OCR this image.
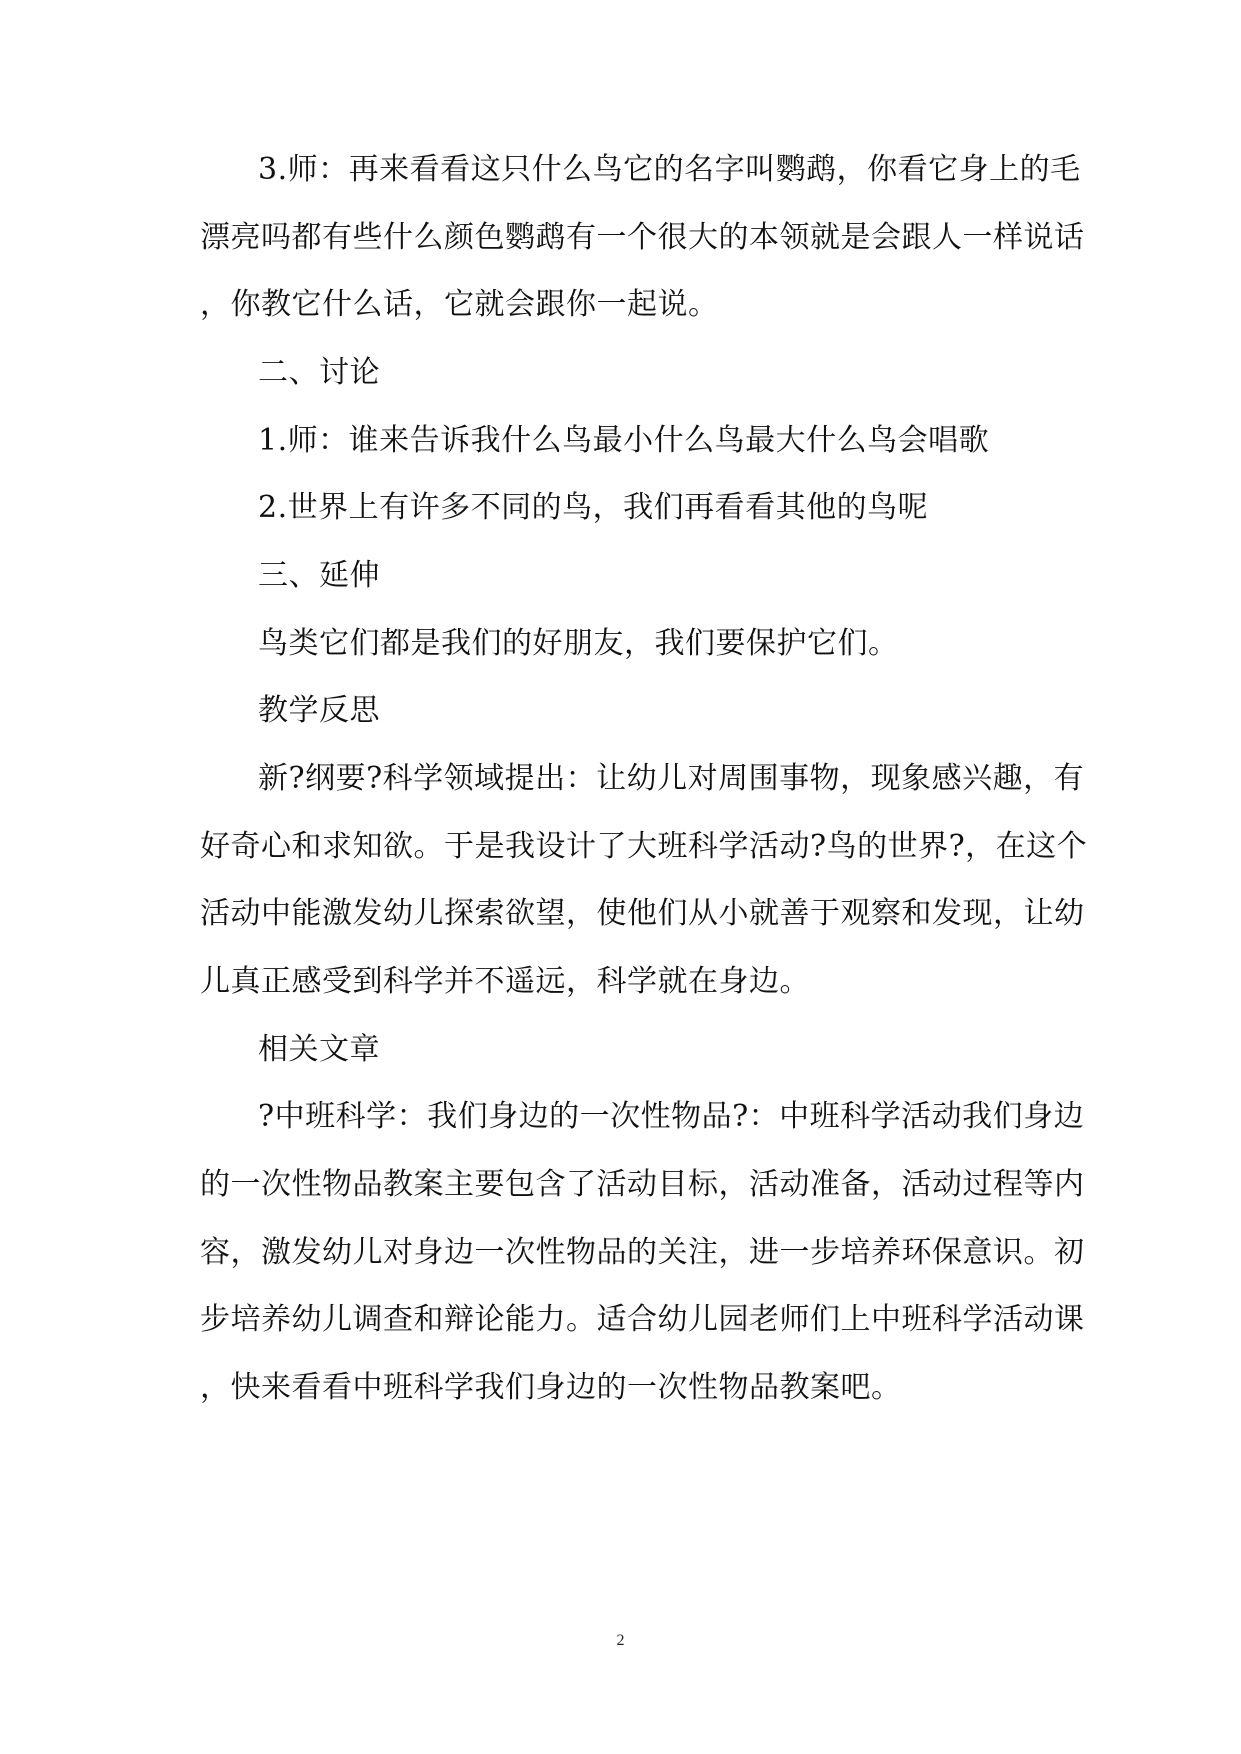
3.师：再来看看这只什么鸟它的名字叫鹦鹉，你看它身上的毛
漂亮吗都有些什么颜色鹦鹉有一个很大的本领就是会跟人一样说话
，你教它什么话，它就会跟你一起说。
二、讨论
1.师：谁来告诉我什么鸟最小什么鸟最大什么鸟会唱歌
2.世界上有许多不同的鸟，我们再看看其他的鸟呢
三、延伸
鸟类它们都是我们的好朋友，我们要保护它们。
教学反思
新?纲要?科学领域提出：让幼儿对周围事物，现象感兴趣，有
好奇心和求知欲。于是我设计了大班科学活动?鸟的世界?，在这个
活动中能激发幼儿探索欲望，使他们从小就善于观察和发现，让幼
儿真正感受到科学并不遥远，科学就在身边。
相关文章
?中班科学：我们身边的一次性物品?：中班科学活动我们身边
的一次性物品教案主要包含了活动目标，活动准备，活动过程等内
容，激发幼儿对身边一次性物品的关注，进一步培养环保意识。初
步培养幼儿调查和辩论能力。适合幼儿园老师们上中班科学活动课
，快来看看中班科学我们身边的一次性物品教案吧。
2
